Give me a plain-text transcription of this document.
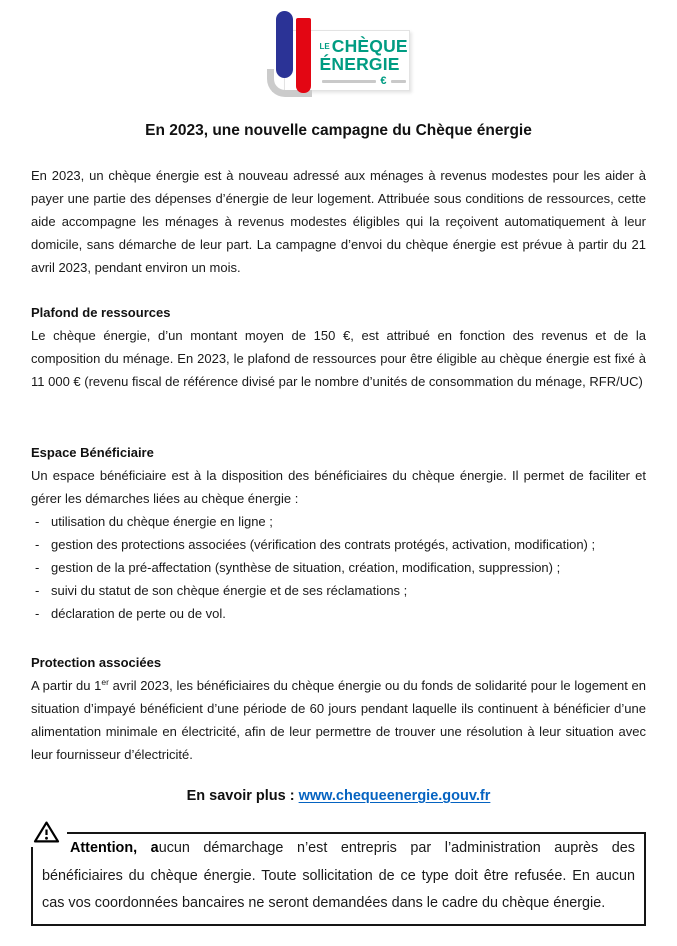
LE CHÈQUE
ÉNERGIE
€
En 2023, une nouvelle campagne du Chèque énergie

En 2023, un chèque énergie est à nouveau adressé aux ménages à revenus modestes pour les aider à payer une partie des dépenses d’énergie de leur logement. Attribuée sous conditions de ressources, cette aide accompagne les ménages à revenus modestes éligibles qui la reçoivent automatiquement à leur domicile, sans démarche de leur part. La campagne d’envoi du chèque énergie est prévue à partir du 21 avril 2023, pendant environ un mois.

Plafond de ressources

Le chèque énergie, d’un montant moyen de 150 €, est attribué en fonction des revenus et de la composition du ménage. En 2023, le plafond de ressources pour être éligible au chèque énergie est fixé à 11 000 € (revenu fiscal de référence divisé par le nombre d’unités de consommation du ménage, RFR/UC)

Espace Bénéficiaire

Un espace bénéficiaire est à la disposition des bénéficiaires du chèque énergie. Il permet de faciliter et gérer les démarches liées au chèque énergie :

- utilisation du chèque énergie en ligne ;
- gestion des protections associées (vérification des contrats protégés, activation, modification) ;
- gestion de la pré-affectation (synthèse de situation, création, modification, suppression) ;
- suivi du statut de son chèque énergie et de ses réclamations ;
- déclaration de perte ou de vol.
Protection associées

A partir du 1er avril 2023, les bénéficiaires du chèque énergie ou du fonds de solidarité pour le logement en situation d’impayé bénéficient d’une période de 60 jours pendant laquelle ils continuent à bénéficier d’une alimentation minimale en électricité, afin de leur permettre de trouver une résolution à leur situation avec leur fournisseur d’électricité.

En savoir plus : www.chequeenergie.gouv.fr

Attention, aucun démarchage n’est entrepris par l’administration auprès des bénéficiaires du chèque énergie. Toute sollicitation de ce type doit être refusée. En aucun cas vos coordonnées bancaires ne seront demandées dans le cadre du chèque énergie.
